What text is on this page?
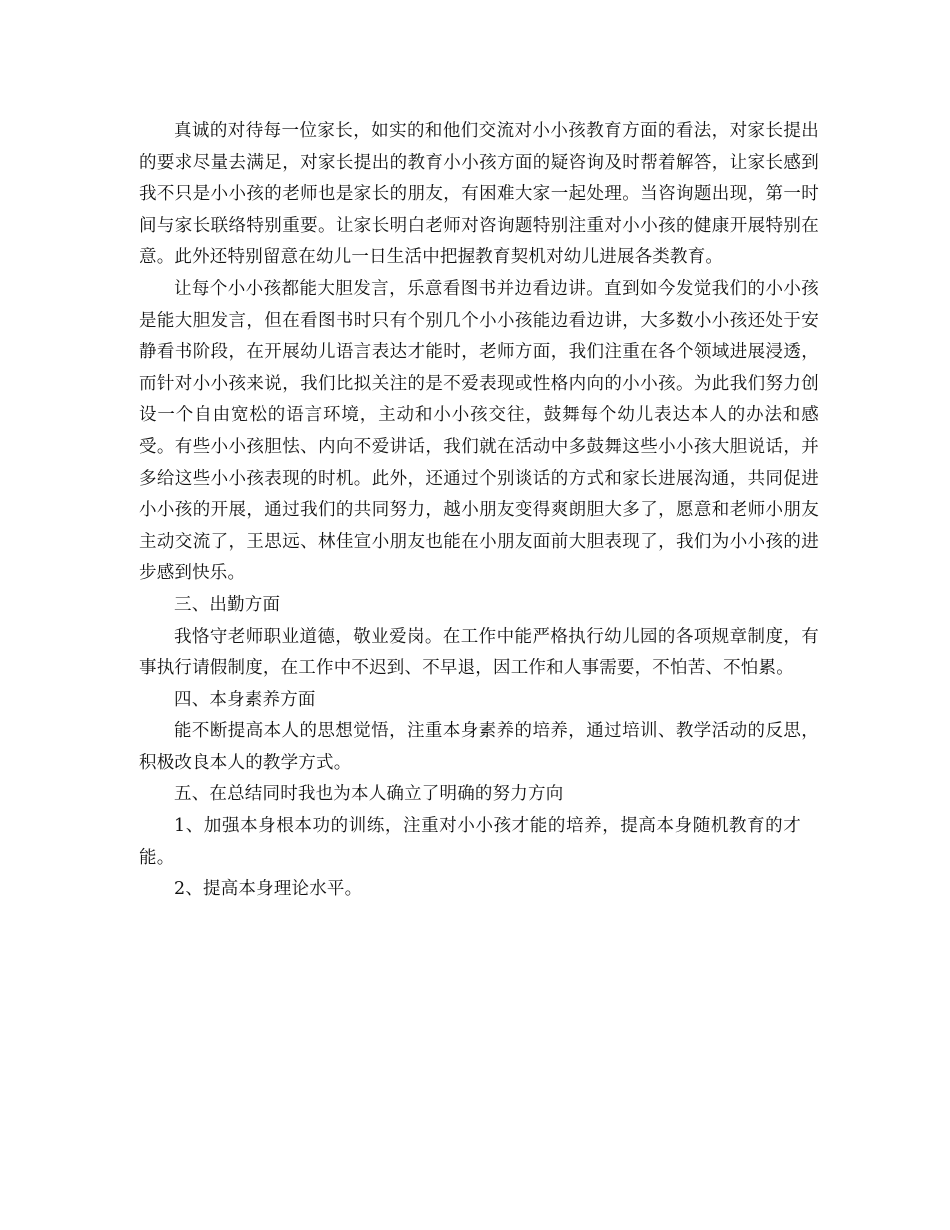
真诚的对待每一位家长，如实的和他们交流对小小孩教育方面的看法，对家长提出的要求尽量去满足，对家长提出的教育小小孩方面的疑咨询及时帮着解答，让家长感到我不只是小小孩的老师也是家长的朋友，有困难大家一起处理。当咨询题出现，第一时间与家长联络特别重要。让家长明白老师对咨询题特别注重对小小孩的健康开展特别在意。此外还特别留意在幼儿一日生活中把握教育契机对幼儿进展各类教育。

让每个小小孩都能大胆发言，乐意看图书并边看边讲。直到如今发觉我们的小小孩是能大胆发言，但在看图书时只有个别几个小小孩能边看边讲，大多数小小孩还处于安静看书阶段，在开展幼儿语言表达才能时，老师方面，我们注重在各个领域进展浸透，而针对小小孩来说，我们比拟关注的是不爱表现或性格内向的小小孩。为此我们努力创设一个自由宽松的语言环境，主动和小小孩交往，鼓舞每个幼儿表达本人的办法和感受。有些小小孩胆怯、内向不爱讲话，我们就在活动中多鼓舞这些小小孩大胆说话，并多给这些小小孩表现的时机。此外，还通过个别谈话的方式和家长进展沟通，共同促进小小孩的开展，通过我们的共同努力，越小朋友变得爽朗胆大多了，愿意和老师小朋友主动交流了，王思远、林佳宣小朋友也能在小朋友面前大胆表现了，我们为小小孩的进步感到快乐。

三、出勤方面

我恪守老师职业道德，敬业爱岗。在工作中能严格执行幼儿园的各项规章制度，有事执行请假制度，在工作中不迟到、不早退，因工作和人事需要，不怕苦、不怕累。

四、本身素养方面

能不断提高本人的思想觉悟，注重本身素养的培养，通过培训、教学活动的反思，积极改良本人的教学方式。

五、在总结同时我也为本人确立了明确的努力方向

1、加强本身根本功的训练，注重对小小孩才能的培养，提高本身随机教育的才能。

2、提高本身理论水平。
